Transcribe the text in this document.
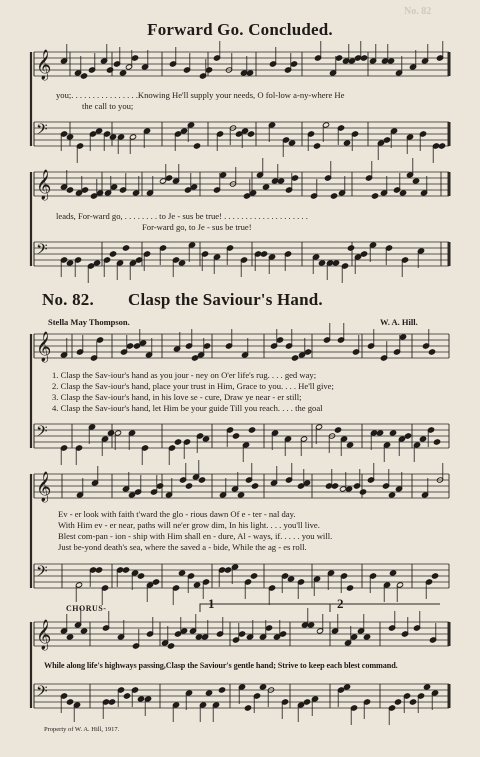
No. 82
Forward Go. Concluded.
𝄞
𝄢
𝄞
𝄢
𝄞
𝄢
𝄞
𝄢
𝄞
𝄢
you;. . . . . . . . . . . . . . . .Knowing He'll supply your needs, O fol-low a-ny-where He
the call to you;
leads, For-ward go, . . . . . . . . to Je - sus be true! . . . . . . . . . . . . . . . . . . . .
For-ward go, to Je - sus be true!
No. 82. Clasp the Saviour's Hand.
Stella May Thompson.	W. A. Hill.
1. Clasp the Sav-iour's hand as you jour - ney on O'er life's rug. . . . ged way;
2. Clasp the Sav-iour's hand, place your trust in Him, Grace to you. . . . He'll give;
3. Clasp the Sav-iour's hand, in his love se - cure, Draw ye near - er still;
4. Clasp the Sav-iour's hand, let Him be your guide Till you reach. . . . the goal
Ev - er look with faith t'ward the glo - rious dawn Of e - ter - nal day.
With Him ev - er near, paths will ne'er grow dim, In his light. . . . you'll live.
Blest com-pan - ion - ship with Him shall en - dure, Al - ways, if. . . . . you will.
Just be-yond death's sea, where the saved a - bide, While the ag - es roll.
CHORUS-	1	2
While along life's highways passing,Clasp the Saviour's gentle hand; Strive to keep each blest command.
Property of W. A. Hill, 1917.
